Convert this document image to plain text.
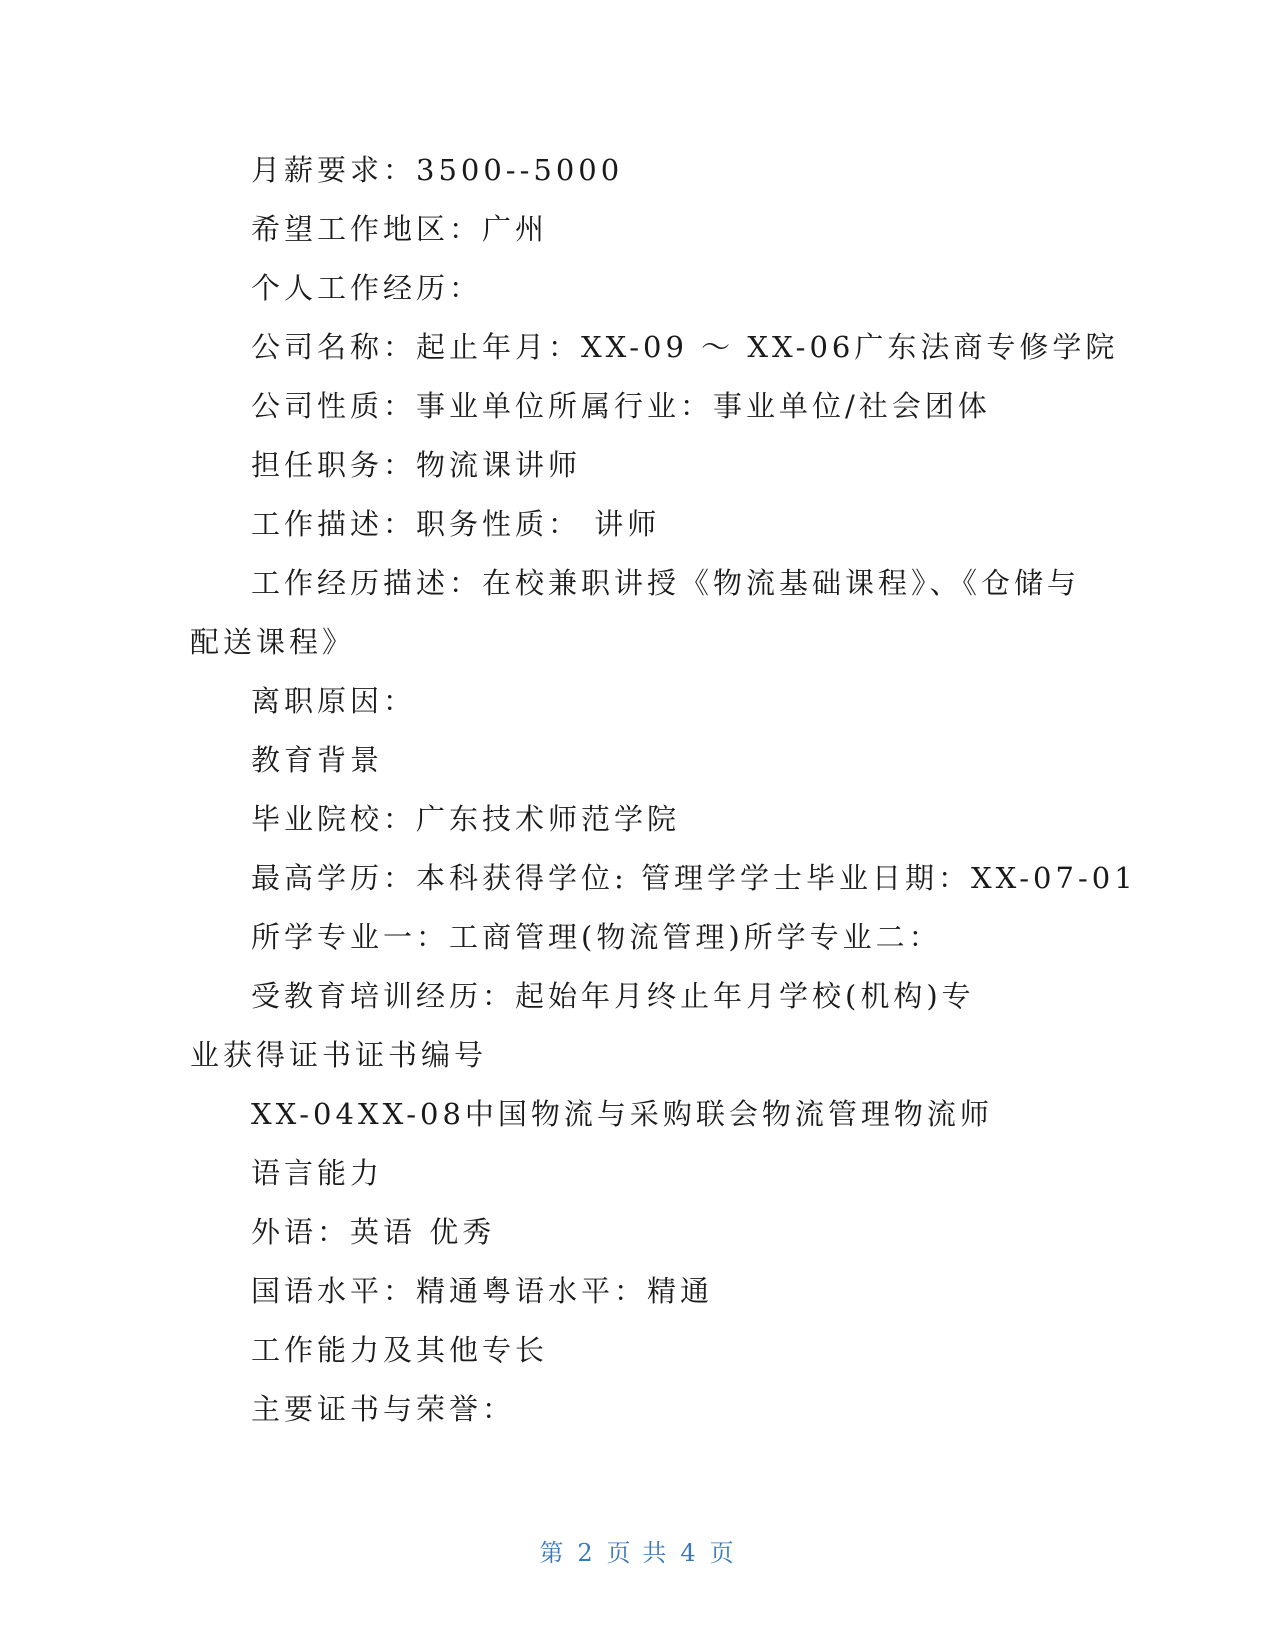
月薪要求：3500--5000
希望工作地区：广州
个人工作经历：
公司名称：起止年月：XX-09 ～ XX-06广东法商专修学院
公司性质：事业单位所属行业：事业单位/社会团体
担任职务：物流课讲师
工作描述：职务性质： 讲师
工作经历描述：在校兼职讲授《物流基础课程》、《仓储与
配送课程》
离职原因：
教育背景
毕业院校：广东技术师范学院
最高学历：本科获得学位: 管理学学士毕业日期：XX-07-01
所学专业一：工商管理(物流管理)所学专业二：
受教育培训经历：起始年月终止年月学校(机构)专
业获得证书证书编号
XX-04XX-08中国物流与采购联会物流管理物流师
语言能力
外语：英语 优秀
国语水平：精通粤语水平：精通
工作能力及其他专长
主要证书与荣誉：
第 2 页 共 4 页
